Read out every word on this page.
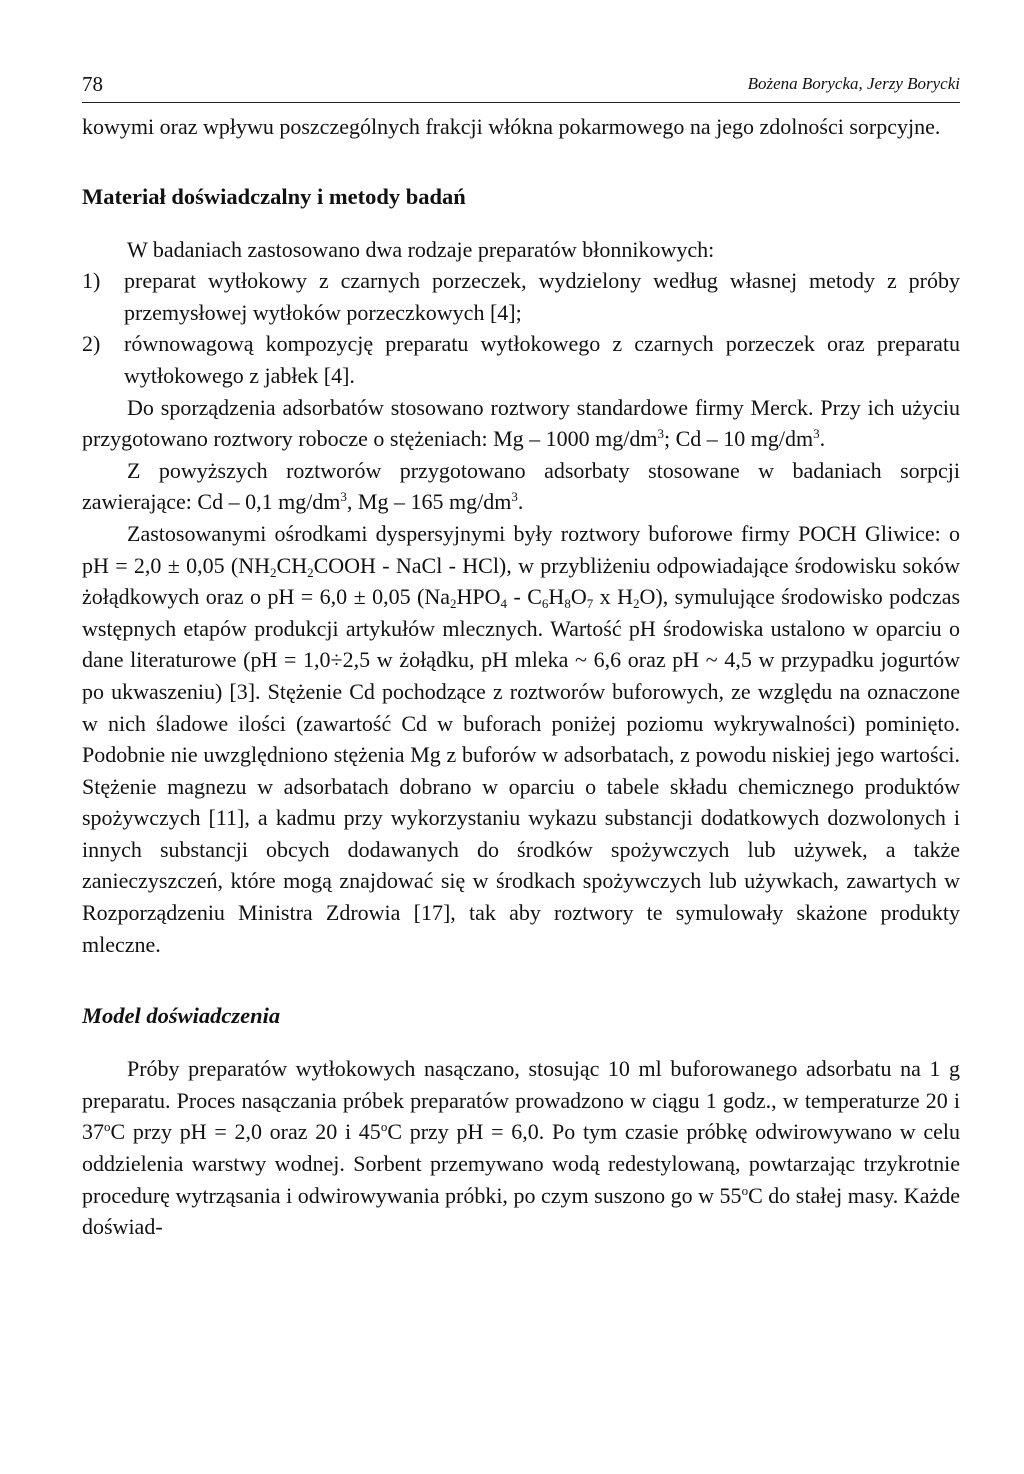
78	Bożena Borycka, Jerzy Borycki

kowymi oraz wpływu poszczególnych frakcji włókna pokarmowego na jego zdolności sorpcyjne.

Materiał doświadczalny i metody badań

W badaniach zastosowano dwa rodzaje preparatów błonnikowych:

1) preparat wytłokowy z czarnych porzeczek, wydzielony według własnej metody z próby przemysłowej wytłoków porzeczkowych [4];
2) równowagową kompozycję preparatu wytłokowego z czarnych porzeczek oraz preparatu wytłokowego z jabłek [4].

Do sporządzenia adsorbatów stosowano roztwory standardowe firmy Merck. Przy ich użyciu przygotowano roztwory robocze o stężeniach: Mg – 1000 $mg/dm^3$; Cd – 10 $mg/dm^3$.

Z powyższych roztworów przygotowano adsorbaty stosowane w badaniach sorpcji zawierające: Cd – 0,1 $mg/dm^3$, Mg – 165 $mg/dm^3$.

Zastosowanymi ośrodkami dyspersyjnymi były roztwory buforowe firmy POCH Gliwice: o pH = 2,0 ± 0,05 ($NH_2CH_2COOH$ - NaCl - HCl), w przybliżeniu odpowiadające środowisku soków żołądkowych oraz o pH = 6,0 ± 0,05 ($Na_2HPO_4 - C_6H_8O_7$ x $H_2O$), symulujące środowisko podczas wstępnych etapów produkcji artykułów mlecznych. Wartość pH środowiska ustalono w oparciu o dane literaturowe (pH = 1,0÷2,5 w żołądku, pH mleka ~ 6,6 oraz pH ~ 4,5 w przypadku jogurtów po ukwaszeniu) [3]. Stężenie Cd pochodzące z roztworów buforowych, ze względu na oznaczone w nich śladowe ilości (zawartość Cd w buforach poniżej poziomu wykrywalności) pominięto. Podobnie nie uwzględniono stężenia Mg z buforów w adsorbatach, z powodu niskiej jego wartości. Stężenie magnezu w adsorbatach dobrano w oparciu o tabele składu chemicznego produktów spożywczych [11], a kadmu przy wykorzystaniu wykazu substancji dodatkowych dozwolonych i innych substancji obcych dodawanych do środków spożywczych lub używek, a także zanieczyszczeń, które mogą znajdować się w środkach spożywczych lub używkach, zawartych w Rozporządzeniu Ministra Zdrowia [17], tak aby roztwory te symulowały skażone produkty mleczne.

Model doświadczenia

Próby preparatów wytłokowych nasączano, stosując 10 ml buforowanego adsorbatu na 1 g preparatu. Proces nasączania próbek preparatów prowadzono w ciągu 1 godz., w temperaturze 20 i 37$^o$C przy pH = 2,0 oraz 20 i 45$^o$C przy pH = 6,0. Po tym czasie próbkę odwirowywano w celu oddzielenia warstwy wodnej. Sorbent przemywano wodą redestylowaną, powtarzając trzykrotnie procedurę wytrząsania i odwirowywania próbki, po czym suszono go w 55$^o$C do stałej masy. Każde doświad-
